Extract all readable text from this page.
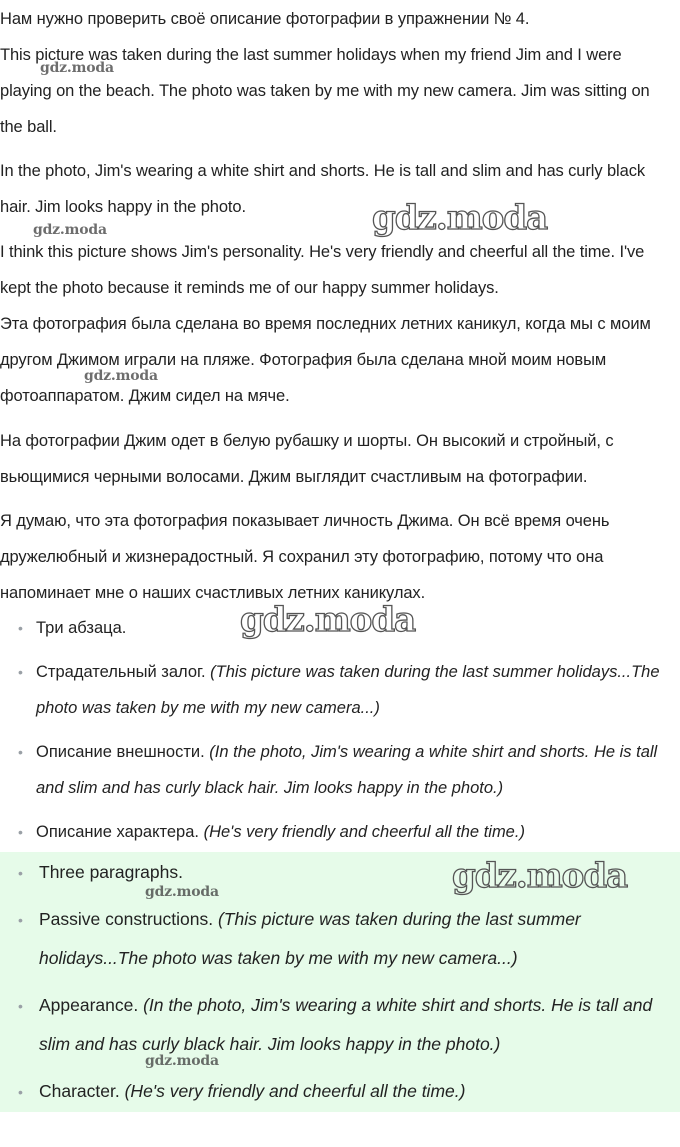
Нам нужно проверить своё описание фотографии в упражнении № 4.

This picture was taken during the last summer holidays when my friend Jim and I were playing on the beach. The photo was taken by me with my new camera. Jim was sitting on the ball.

In the photo, Jim's wearing a white shirt and shorts. He is tall and slim and has curly black hair. Jim looks happy in the photo.

I think this picture shows Jim's personality. He's very friendly and cheerful all the time. I've kept the photo because it reminds me of our happy summer holidays.

Эта фотография была сделана во время последних летних каникул, когда мы с моим другом Джимом играли на пляже. Фотография была сделана мной моим новым фотоаппаратом. Джим сидел на мяче.

На фотографии Джим одет в белую рубашку и шорты. Он высокий и стройный, с вьющимися черными волосами. Джим выглядит счастливым на фотографии.

Я думаю, что эта фотография показывает личность Джима. Он всё время очень дружелюбный и жизнерадостный. Я сохранил эту фотографию, потому что она напоминает мне о наших счастливых летних каникулах.

• Три абзаца.
• Страдательный залог. (This picture was taken during the last summer holidays...The photo was taken by me with my new camera...)
• Описание внешности. (In the photo, Jim's wearing a white shirt and shorts. He is tall and slim and has curly black hair. Jim looks happy in the photo.)
• Описание характера. (He's very friendly and cheerful all the time.)
• Three paragraphs.
• Passive constructions. (This picture was taken during the last summer holidays...The photo was taken by me with my new camera...)
• Appearance. (In the photo, Jim's wearing a white shirt and shorts. He is tall and slim and has curly black hair. Jim looks happy in the photo.)
• Character. (He's very friendly and cheerful all the time.)
gdz.moda
gdz.moda
gdz.moda
gdz.moda
gdz.moda
gdz.moda
gdz.moda
gdz.moda
